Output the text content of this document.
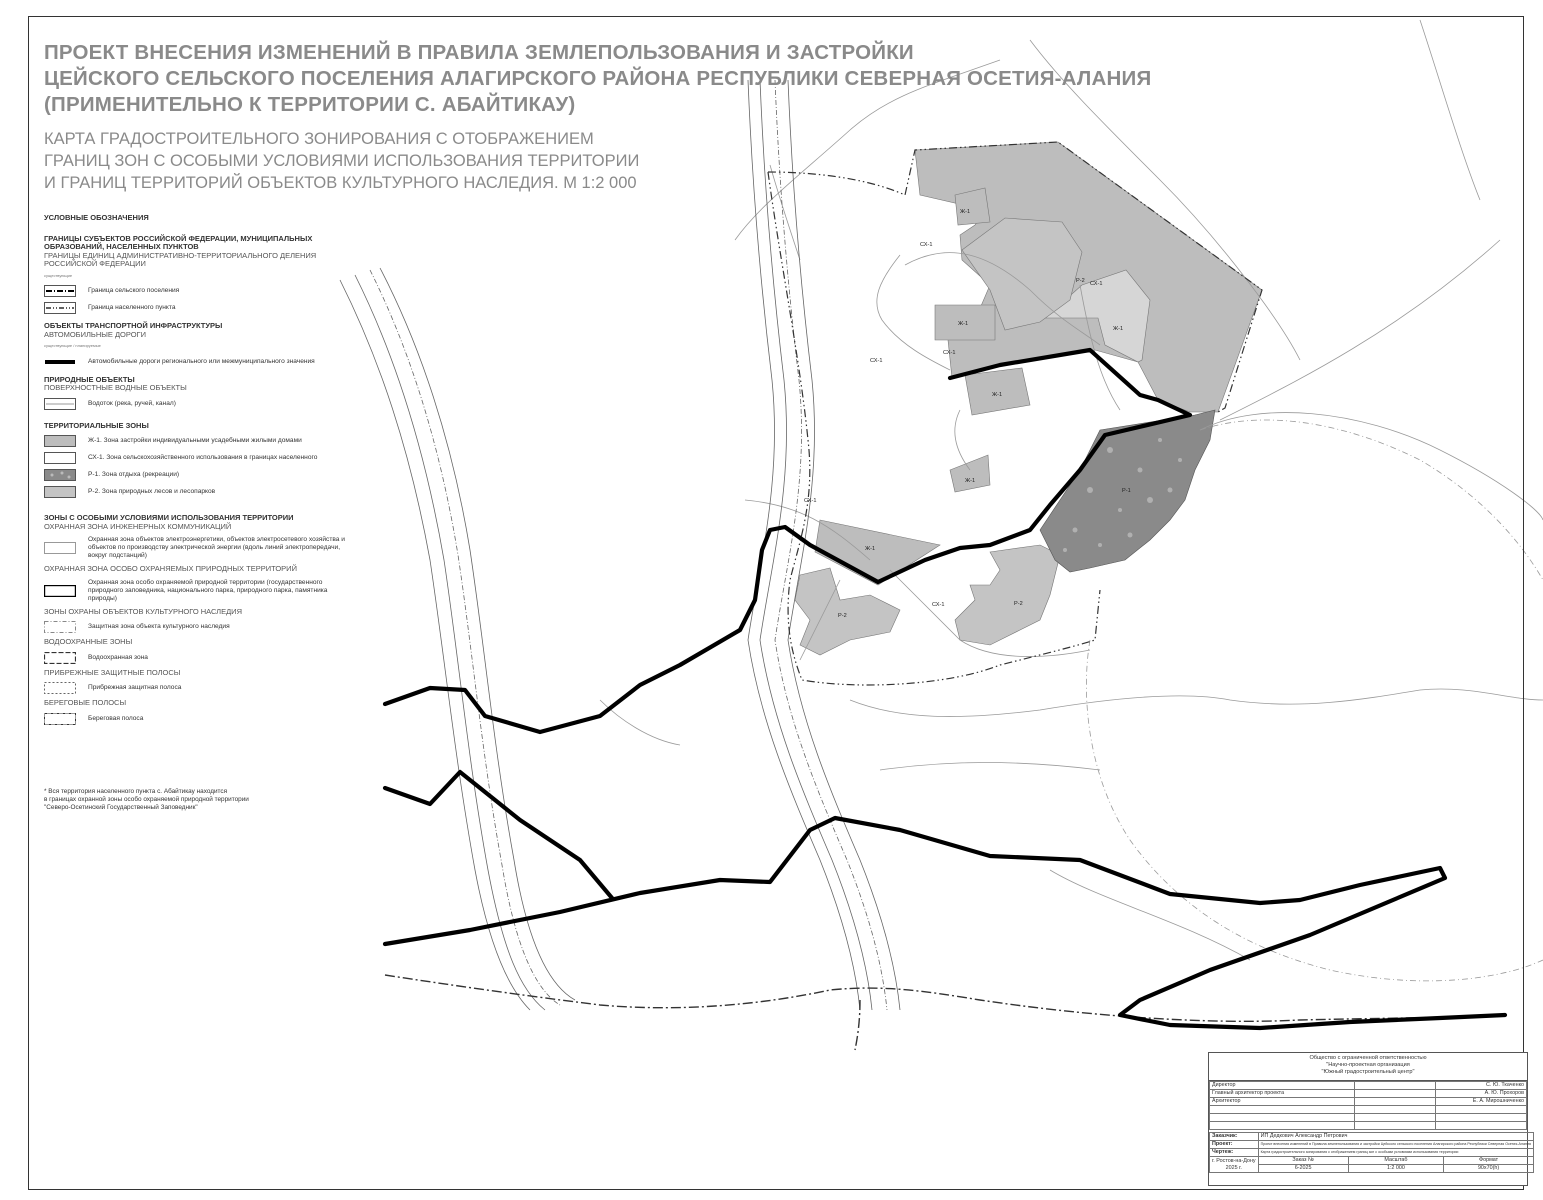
Ж-1
СХ-1
Р-2 СХ-1
Ж-1
Ж-1
СХ-1
СХ-1
Ж-1
Ж-1
Р-1
СХ-1
Ж-1
СХ-1	Р-2
Р-2
ПРОЕКТ ВНЕСЕНИЯ ИЗМЕНЕНИЙ В ПРАВИЛА ЗЕМЛЕПОЛЬЗОВАНИЯ И ЗАСТРОЙКИ
ЦЕЙСКОГО СЕЛЬСКОГО ПОСЕЛЕНИЯ АЛАГИРСКОГО РАЙОНА РЕСПУБЛИКИ СЕВЕРНАЯ ОСЕТИЯ-АЛАНИЯ
(ПРИМЕНИТЕЛЬНО К ТЕРРИТОРИИ С. АБАЙТИКАУ)
КАРТА ГРАДОСТРОИТЕЛЬНОГО ЗОНИРОВАНИЯ С ОТОБРАЖЕНИЕМ
ГРАНИЦ ЗОН С ОСОБЫМИ УСЛОВИЯМИ ИСПОЛЬЗОВАНИЯ ТЕРРИТОРИИ
И ГРАНИЦ ТЕРРИТОРИЙ ОБЪЕКТОВ КУЛЬТУРНОГО НАСЛЕДИЯ. М 1:2 000
УСЛОВНЫЕ ОБОЗНАЧЕНИЯ
ГРАНИЦЫ СУБЪЕКТОВ РОССИЙСКОЙ ФЕДЕРАЦИИ, МУНИЦИПАЛЬНЫХ ОБРАЗОВАНИЙ, НАСЕЛЕННЫХ ПУНКТОВ
ГРАНИЦЫ ЕДИНИЦ АДМИНИСТРАТИВНО-ТЕРРИТОРИАЛЬНОГО ДЕЛЕНИЯ РОССИЙСКОЙ ФЕДЕРАЦИИ
существующие
Граница сельского поселения
Граница населенного пункта
ОБЪЕКТЫ ТРАНСПОРТНОЙ ИНФРАСТРУКТУРЫ
АВТОМОБИЛЬНЫЕ ДОРОГИ
существующие / планируемые
Автомобильные дороги регионального или межмуниципального значения
ПРИРОДНЫЕ ОБЪЕКТЫ
ПОВЕРХНОСТНЫЕ ВОДНЫЕ ОБЪЕКТЫ
Водоток (река, ручей, канал)
ТЕРРИТОРИАЛЬНЫЕ ЗОНЫ
Ж-1. Зона застройки индивидуальными усадебными жилыми домами
СХ-1. Зона сельскохозяйственного использования в границах населенного
Р-1. Зона отдыха (рекреации)
Р-2. Зона природных лесов и лесопарков
ЗОНЫ С ОСОБЫМИ УСЛОВИЯМИ ИСПОЛЬЗОВАНИЯ ТЕРРИТОРИИ
ОХРАННАЯ ЗОНА ИНЖЕНЕРНЫХ КОММУНИКАЦИЙ
Охранная зона объектов электроэнергетики, объектов электросетевого хозяйства и объектов по производству электрической энергии (вдоль линий электропередачи, вокруг подстанций)
ОХРАННАЯ ЗОНА ОСОБО ОХРАНЯЕМЫХ ПРИРОДНЫХ ТЕРРИТОРИЙ
Охранная зона особо охраняемой природной территории (государственного природного заповедника, национального парка, природного парка, памятника природы)
ЗОНЫ ОХРАНЫ ОБЪЕКТОВ КУЛЬТУРНОГО НАСЛЕДИЯ
Защитная зона объекта культурного наследия
ВОДООХРАННЫЕ ЗОНЫ
Водоохранная зона
ПРИБРЕЖНЫЕ ЗАЩИТНЫЕ ПОЛОСЫ
Прибрежная защитная полоса
БЕРЕГОВЫЕ ПОЛОСЫ
Береговая полоса
* Вся территория населенного пункта с. Абайтикау находится
в границах охранной зоны особо охраняемой природной территории
"Северо-Осетинский Государственный Заповедник"
Общество с ограниченной ответственностью
"Научно-проектная организация
"Южный градостроительный центр"
Директор		С. Ю. Ткаченко
Главный архитектор проекта		А. Ю. Прохоров
Архитектор		Е. А. Мирошниченко

Заказчик:	ИП Дедкович Александр Петрович		
Проект:	Проект внесения изменений в Правила землепользования и застройки Цейского сельского поселения Алагирского района Республики Северная Осетия-Алания		
Чертеж:	Карта градостроительного зонирования с отображением границ зон с особыми условиями использования территории		

г. Ростов-на-Дону
2025 г.	Заказ №	Масштаб	Формат
	6-2025	1:2 000	90x70(h)
